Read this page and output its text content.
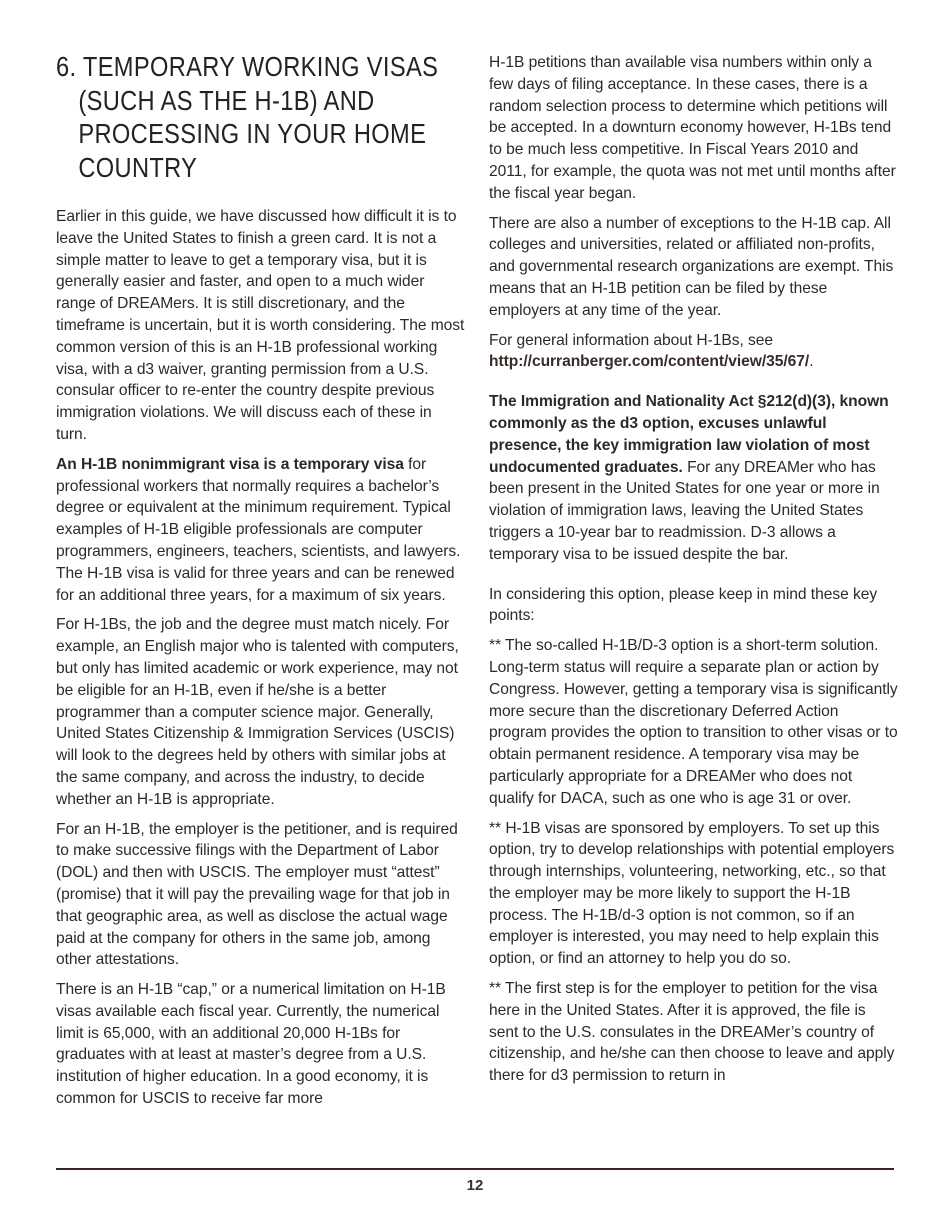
6. TEMPORARY WORKING VISAS
(SUCH AS THE H-1B) AND
PROCESSING IN YOUR HOME
COUNTRY

Earlier in this guide, we have discussed how difficult it is to leave the United States to finish a green card. It is not a simple matter to leave to get a temporary visa, but it is generally easier and faster, and open to a much wider range of DREAMers. It is still discretionary, and the timeframe is uncertain, but it is worth considering. The most common version of this is an H-1B professional working visa, with a d3 waiver, granting permission from a U.S. consular officer to re-enter the country despite previous immigration violations. We will discuss each of these in turn.

An H-1B nonimmigrant visa is a temporary visa for professional workers that normally requires a bachelor’s degree or equivalent at the minimum requirement. Typical examples of H-1B eligible professionals are computer programmers, engineers, teachers, scientists, and lawyers. The H-1B visa is valid for three years and can be renewed for an additional three years, for a maximum of six years.

For H-1Bs, the job and the degree must match nicely. For example, an English major who is talented with computers, but only has limited academic or work experience, may not be eligible for an H-1B, even if he/she is a better programmer than a computer science major. Generally, United States Citizenship & Immigration Services (USCIS) will look to the degrees held by others with similar jobs at the same company, and across the industry, to decide whether an H-1B is appropriate.

For an H-1B, the employer is the petitioner, and is required to make successive filings with the Department of Labor (DOL) and then with USCIS. The employer must “attest” (promise) that it will pay the prevailing wage for that job in that geographic area, as well as disclose the actual wage paid at the company for others in the same job, among other attestations.

There is an H-1B “cap,” or a numerical limitation on H-1B visas available each fiscal year. Currently, the numerical limit is 65,000, with an additional 20,000 H-1Bs for graduates with at least at master’s degree from a U.S. institution of higher education. In a good economy, it is common for USCIS to receive far more

H-1B petitions than available visa numbers within only a few days of filing acceptance. In these cases, there is a random selection process to determine which petitions will be accepted. In a downturn economy however, H-1Bs tend to be much less competitive. In Fiscal Years 2010 and 2011, for example, the quota was not met until months after the fiscal year began.

There are also a number of exceptions to the H-1B cap. All colleges and universities, related or affiliated non-profits, and governmental research organizations are exempt. This means that an H-1B petition can be filed by these employers at any time of the year.

For general information about H-1Bs, see http://curranberger.com/content/view/35/67/.

The Immigration and Nationality Act §212(d)(3), known commonly as the d3 option, excuses unlawful presence, the key immigration law violation of most undocumented graduates. For any DREAMer who has been present in the United States for one year or more in violation of immigration laws, leaving the United States triggers a 10-year bar to readmission. D-3 allows a temporary visa to be issued despite the bar.

In considering this option, please keep in mind these key points:

** The so-called H-1B/D-3 option is a short-term solution. Long-term status will require a separate plan or action by Congress. However, getting a temporary visa is significantly more secure than the discretionary Deferred Action program provides the option to transition to other visas or to obtain permanent residence. A temporary visa may be particularly appropriate for a DREAMer who does not qualify for DACA, such as one who is age 31 or over.

** H-1B visas are sponsored by employers. To set up this option, try to develop relationships with potential employers through internships, volunteering, networking, etc., so that the employer may be more likely to support the H-1B process. The H-1B/d-3 option is not common, so if an employer is interested, you may need to help explain this option, or find an attorney to help you do so.

** The first step is for the employer to petition for the visa here in the United States. After it is approved, the file is sent to the U.S. consulates in the DREAMer’s country of citizenship, and he/she can then choose to leave and apply there for d3 permission to return in

12
